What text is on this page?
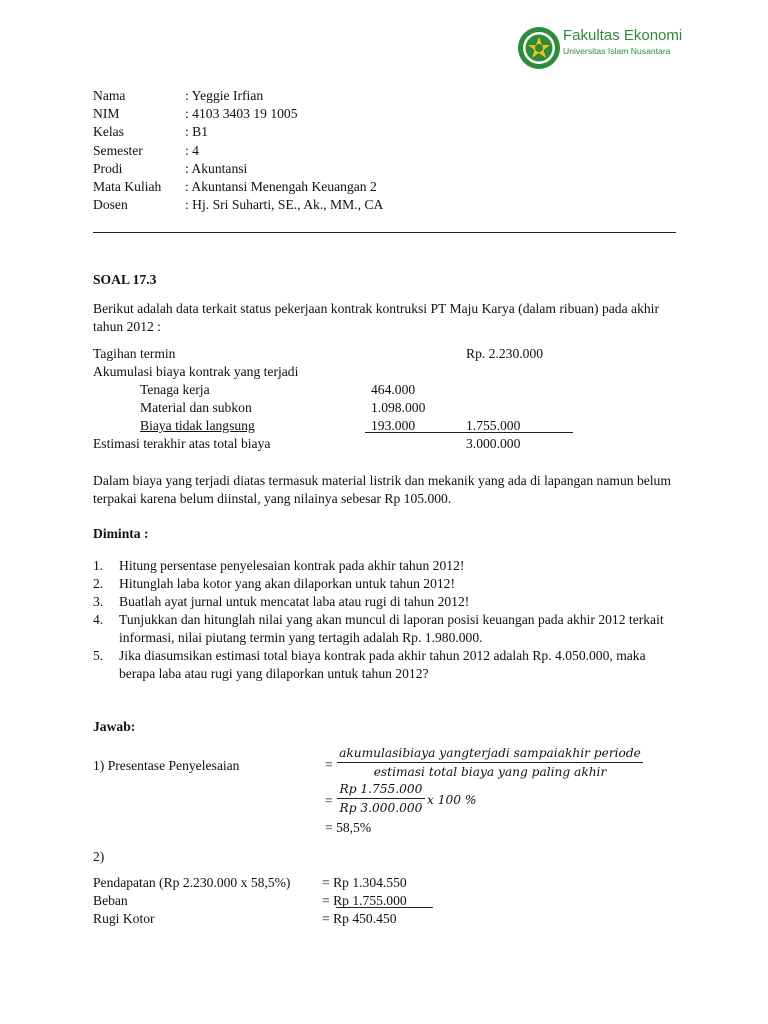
Fakultas Ekonomi
Universitas Islam Nusantara
Nama	: Yeggie Irfian
NIM	: 4103 3403 19 1005
Kelas	: B1
Semester	: 4
Prodi	: Akuntansi
Mata Kuliah : Akuntansi Menengah Keuangan 2
Dosen	: Hj. Sri Suharti, SE., Ak., MM., CA
SOAL 17.3
Berikut adalah data terkait status pekerjaan kontrak kontruksi PT Maju Karya (dalam ribuan) pada akhir tahun 2012 :
Tagihan termin	Rp. 2.230.000
Akumulasi biaya kontrak yang terjadi
Tenaga kerja	464.000
Material dan subkon	1.098.000
Biaya tidak langsung	193.000	1.755.000
Estimasi terakhir atas total biaya	3.000.000
Dalam biaya yang terjadi diatas termasuk material listrik dan mekanik yang ada di lapangan namun belum terpakai karena belum diinstal, yang nilainya sebesar Rp 105.000.
Diminta :
1. Hitung persentase penyelesaian kontrak pada akhir tahun 2012!
2. Hitunglah laba kotor yang akan dilaporkan untuk tahun 2012!
3. Buatlah ayat jurnal untuk mencatat laba atau rugi di tahun 2012!
4. Tunjukkan dan hitunglah nilai yang akan muncul di laporan posisi keuangan pada akhir 2012 terkait informasi, nilai piutang termin yang tertagih adalah Rp. 1.980.000.
5. Jika diasumsikan estimasi total biaya kontrak pada akhir tahun 2012 adalah Rp. 4.050.000, maka berapa laba atau rugi yang dilaporkan untuk tahun 2012?
Jawab:
1) Presentase Penyelesaian	=
akumulasibiaya yangterjadi sampaiakhir periode
estimasi total biaya yang paling akhir
=
Rp 1.755.000
Rp 3.000.000
x 100 %
= 58,5%
2)
Pendapatan (Rp 2.230.000 x 58,5%) = Rp 1.304.550
Beban	= Rp 1.755.000
Rugi Kotor	= Rp 450.450
